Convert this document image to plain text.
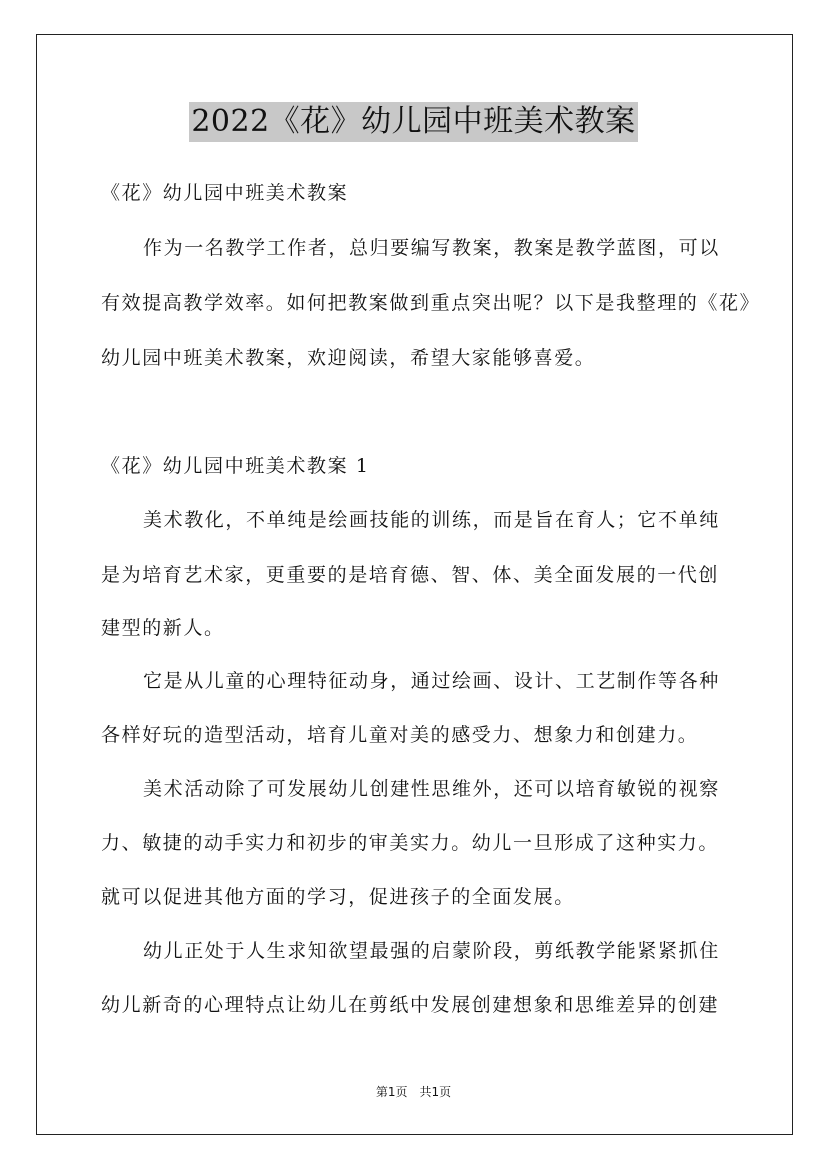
2022《花》幼儿园中班美术教案
《花》幼儿园中班美术教案
作为一名教学工作者，总归要编写教案，教案是教学蓝图，可以
有效提高教学效率。如何把教案做到重点突出呢？以下是我整理的《花》
幼儿园中班美术教案，欢迎阅读，希望大家能够喜爱。
《花》幼儿园中班美术教案 1
美术教化，不单纯是绘画技能的训练，而是旨在育人；它不单纯
是为培育艺术家，更重要的是培育德、智、体、美全面发展的一代创
建型的新人。
它是从儿童的心理特征动身，通过绘画、设计、工艺制作等各种
各样好玩的造型活动，培育儿童对美的感受力、想象力和创建力。
美术活动除了可发展幼儿创建性思维外，还可以培育敏锐的视察
力、敏捷的动手实力和初步的审美实力。幼儿一旦形成了这种实力。
就可以促进其他方面的学习，促进孩子的全面发展。
幼儿正处于人生求知欲望最强的启蒙阶段，剪纸教学能紧紧抓住
幼儿新奇的心理特点让幼儿在剪纸中发展创建想象和思维差异的创建
第1页　共1页
